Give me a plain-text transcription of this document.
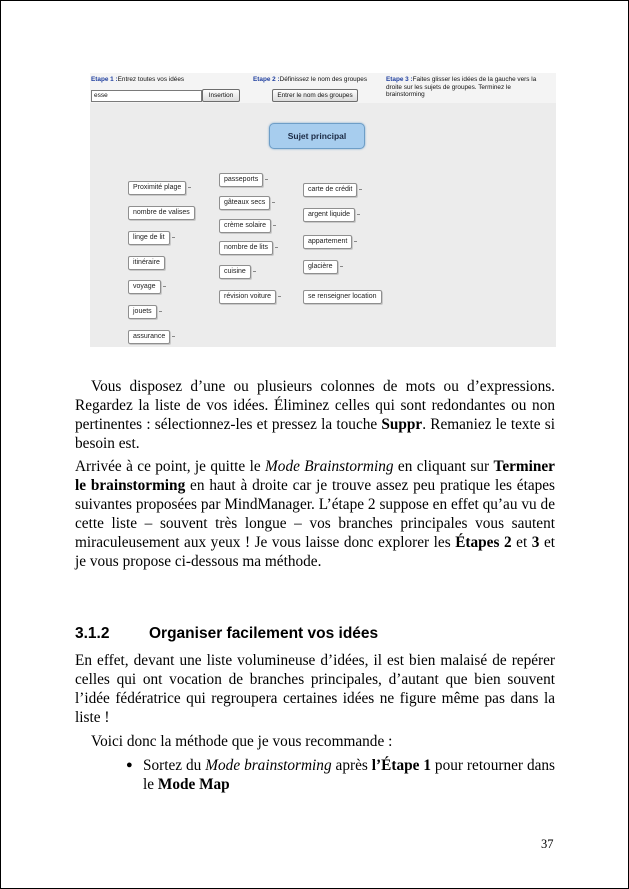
Etape 1 :Entrez toutes vos idées	Etape 2 :Définissez le nom des groupes	Etape 3 :Faites glisser les idées de la gauche vers la droite sur les sujets de groupes. Terminez le brainstorming
esse	Insertion	Entrer le nom des groupes
Sujet principal
Proximité plage
nombre de valises
linge de lit
itinéraire
voyage
jouets
assurance
passeports
gâteaux secs
crème solaire
nombre de lits
cuisine
révision voiture
carte de crédit
argent liquide
appartement
glacière
se renseigner location

Vous disposez d’une ou plusieurs colonnes de mots ou d’expressions. Regardez la liste de vos idées. Éliminez celles qui sont redondantes ou non pertinentes : sélectionnez-les et pressez la touche Suppr. Remaniez le texte si besoin est.

Arrivée à ce point, je quitte le Mode Brainstorming en cliquant sur Terminer le brainstorming en haut à droite car je trouve assez peu pratique les étapes suivantes proposées par MindManager. L’étape 2 suppose en effet qu’au vu de cette liste – souvent très longue – vos branches principales vous sautent miraculeusement aux yeux ! Je vous laisse donc explorer les Étapes 2 et 3 et je vous propose ci-dessous ma méthode.

3.1.2	Organiser facilement vos idées

En effet, devant une liste volumineuse d’idées, il est bien malaisé de repérer celles qui ont vocation de branches principales, d’autant que bien souvent l’idée fédératrice qui regroupera certaines idées ne figure même pas dans la liste !

Voici donc la méthode que je vous recommande :

● Sortez du Mode brainstorming après l’Étape 1 pour retourner dans le Mode Map
37
